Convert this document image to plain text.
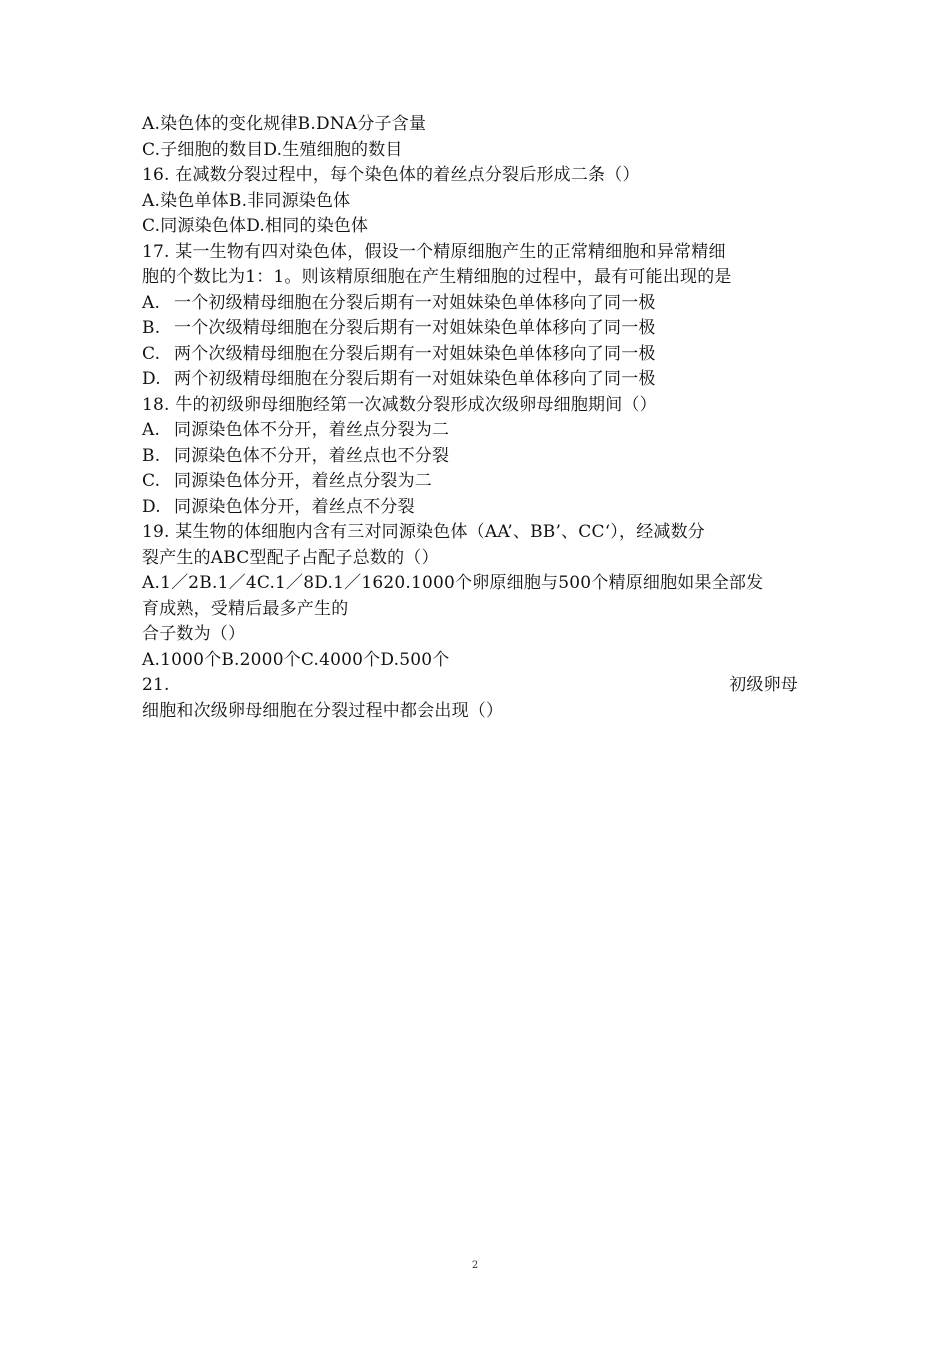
A.染色体的变化规律B.DNA分子含量
C.子细胞的数目D.生殖细胞的数目
16. 在减数分裂过程中，每个染色体的着丝点分裂后形成二条（）
A.染色单体B.非同源染色体
C.同源染色体D.相同的染色体
17. 某一生物有四对染色体，假设一个精原细胞产生的正常精细胞和异常精细
胞的个数比为1：1。则该精原细胞在产生精细胞的过程中，最有可能出现的是
A. 一个初级精母细胞在分裂后期有一对姐妹染色单体移向了同一极
B. 一个次级精母细胞在分裂后期有一对姐妹染色单体移向了同一极
C. 两个次级精母细胞在分裂后期有一对姐妹染色单体移向了同一极
D. 两个初级精母细胞在分裂后期有一对姐妹染色单体移向了同一极
18. 牛的初级卵母细胞经第一次减数分裂形成次级卵母细胞期间（）
A. 同源染色体不分开，着丝点分裂为二
B. 同源染色体不分开，着丝点也不分裂
C. 同源染色体分开，着丝点分裂为二
D. 同源染色体分开，着丝点不分裂
19. 某生物的体细胞内含有三对同源染色体（AA’、BB’、CC‘），经减数分
裂产生的ABC型配子占配子总数的（）
A.1／2B.1／4C.1／8D.1／1620.1000个卵原细胞与500个精原细胞如果全部发
育成熟，受精后最多产生的
合子数为（）
A.1000个B.2000个C.4000个D.500个
21.	初级卵母
细胞和次级卵母细胞在分裂过程中都会出现（）
2
